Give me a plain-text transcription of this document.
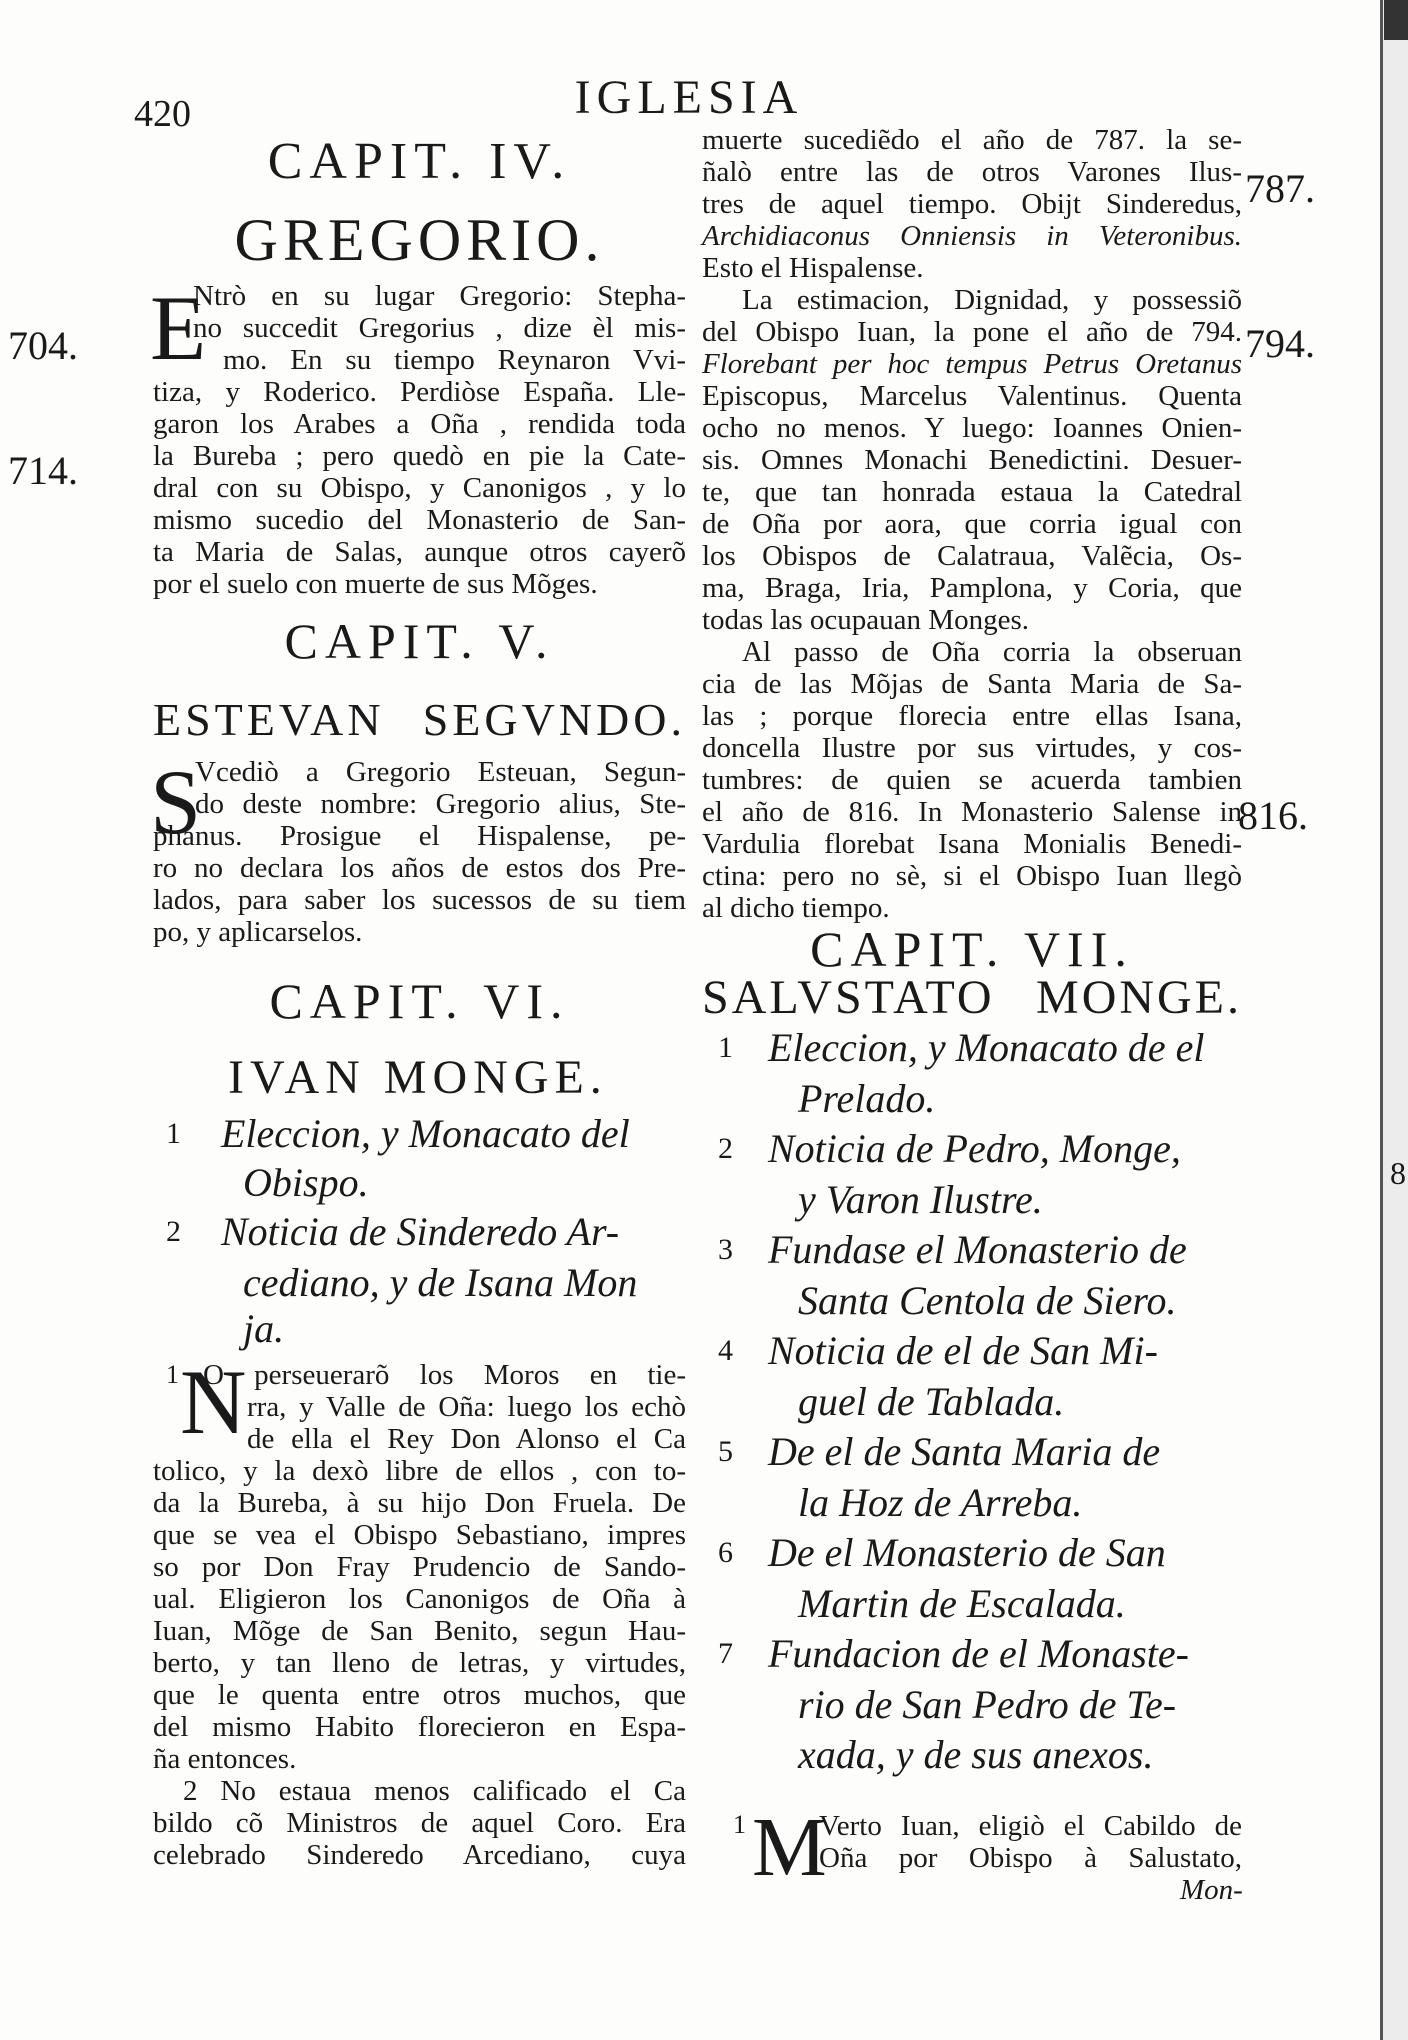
420	IGLESIA
704.
714.
787.
794.
816.
8
CAPIT. IV.
GREGORIO.
E
Ntrò en su lugar Gregorio: Stepha-
no succedit Gregorius , dize èl mis-
mo. En su tiempo Reynaron Vvi-
tiza, y Roderico. Perdiòse España. Lle-
garon los Arabes a Oña , rendida toda
la Bureba ; pero quedò en pie la Cate-
dral con su Obispo, y Canonigos , y lo
mismo sucedio del Monasterio de San-
ta Maria de Salas, aunque otros cayerõ
por el suelo con muerte de sus Mõges.
CAPIT. V.
ESTEVAN SEGVNDO.
S
Vcediò a Gregorio Esteuan, Segun-
do deste nombre: Gregorio alius, Ste-
phanus. Prosigue el Hispalense, pe-
ro no declara los años de estos dos Pre-
lados, para saber los sucessos de su tiem
po, y aplicarselos.
CAPIT. VI.
IVAN MONGE.
1 Eleccion, y Monacato del
Obispo.
2 Noticia de Sinderedo Ar-
cediano, y de Isana Mon
ja.
1 N
O perseuerarõ los Moros en tie-
rra, y Valle de Oña: luego los echò
de ella el Rey Don Alonso el Ca
tolico, y la dexò libre de ellos , con to-
da la Bureba, à su hijo Don Fruela. De
que se vea el Obispo Sebastiano, impres
so por Don Fray Prudencio de Sando-
ual. Eligieron los Canonigos de Oña à
Iuan, Mõge de San Benito, segun Hau-
berto, y tan lleno de letras, y virtudes,
que le quenta entre otros muchos, que
del mismo Habito florecieron en Espa-
ña entonces.
2 No estaua menos calificado el Ca
bildo cõ Ministros de aquel Coro. Era
celebrado Sinderedo Arcediano, cuya
muerte sucediẽdo el año de 787. la se-
ñalò entre las de otros Varones Ilus-
tres de aquel tiempo. Obijt Sinderedus,
Archidiaconus Onniensis in Veteronibus.
Esto el Hispalense.
La estimacion, Dignidad, y possessiõ
del Obispo Iuan, la pone el año de 794.
Florebant per hoc tempus Petrus Oretanus
Episcopus, Marcelus Valentinus. Quenta
ocho no menos. Y luego: Ioannes Onien-
sis. Omnes Monachi Benedictini. Desuer-
te, que tan honrada estaua la Catedral
de Oña por aora, que corria igual con
los Obispos de Calatraua, Valẽcia, Os-
ma, Braga, Iria, Pamplona, y Coria, que
todas las ocupauan Monges.
Al passo de Oña corria la obseruan
cia de las Mõjas de Santa Maria de Sa-
las ; porque florecia entre ellas Isana,
doncella Ilustre por sus virtudes, y cos-
tumbres: de quien se acuerda tambien
el año de 816. In Monasterio Salense in
Vardulia florebat Isana Monialis Benedi-
ctina: pero no sè, si el Obispo Iuan llegò
al dicho tiempo.
CAPIT. VII.
SALVSTATO MONGE.
1 Eleccion, y Monacato de el
Prelado.
2 Noticia de Pedro, Monge,
y Varon Ilustre.
3 Fundase el Monasterio de
Santa Centola de Siero.
4 Noticia de el de San Mi-
guel de Tablada.
5 De el de Santa Maria de
la Hoz de Arreba.
6 De el Monasterio de San
Martin de Escalada.
7 Fundacion de el Monaste-
rio de San Pedro de Te-
xada, y de sus anexos.
1 M
Verto Iuan, eligiò el Cabildo de
Oña por Obispo à Salustato,
Mon-
